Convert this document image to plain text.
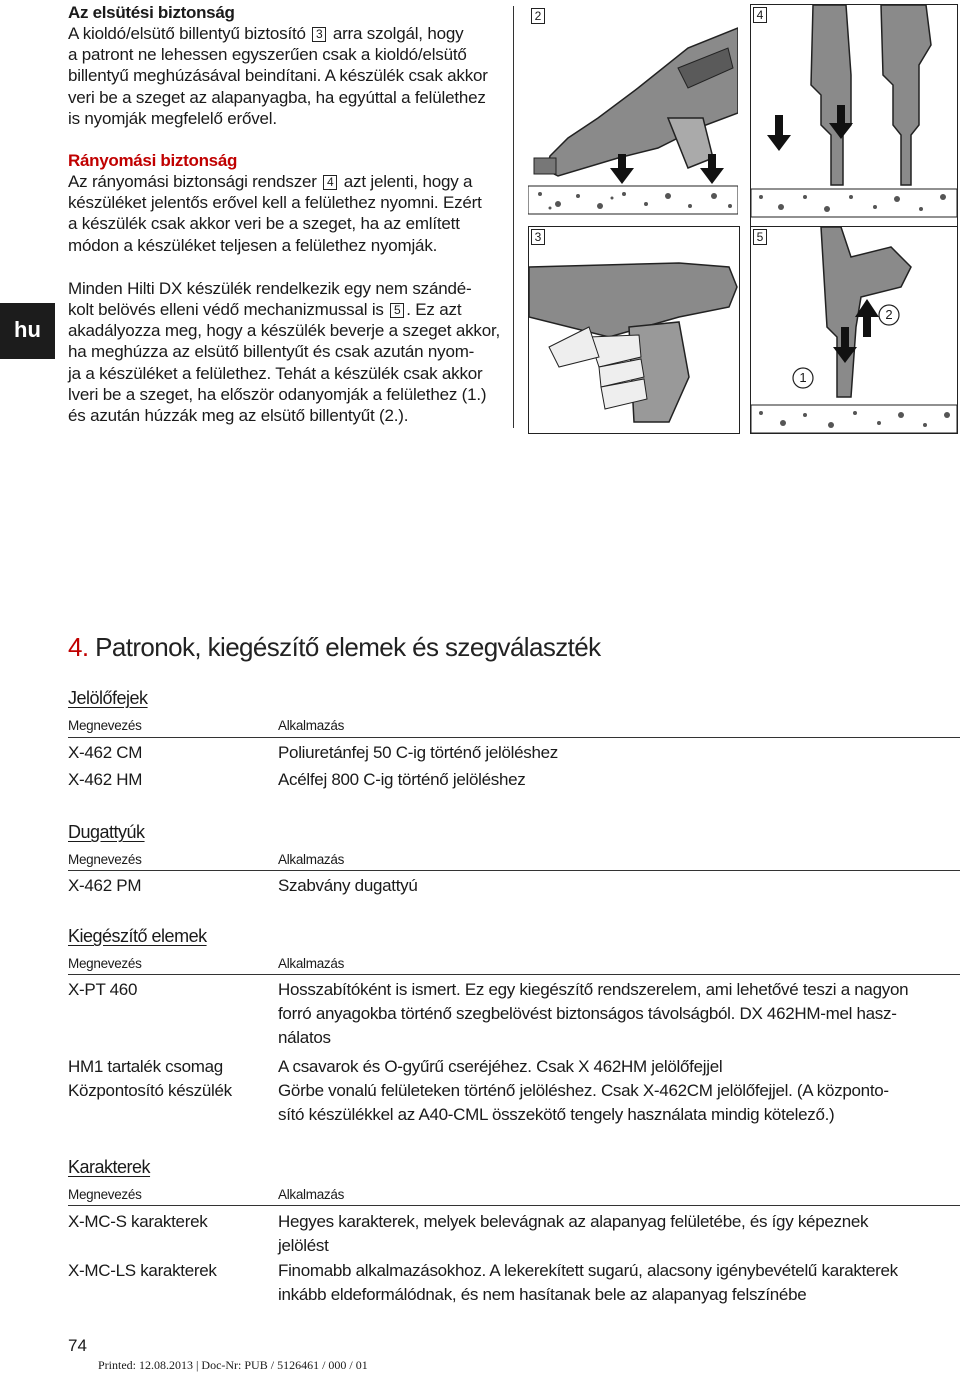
hu
Az elsütési biztonság
A kioldó/elsütő billentyű biztosító 3 arra szolgál, hogy
a patront ne lehessen egyszerűen csak a kioldó/elsütő
billentyű meghúzásával beindítani. A készülék csak akkor
veri be a szeget az alapanyagba, ha egyúttal a felülethez
is nyomják megfelelő erővel.
Rányomási biztonság
Az rányomási biztonsági rendszer 4 azt jelenti, hogy a
készüléket jelentős erővel kell a felülethez nyomni. Ezért
a készülék csak akkor veri be a szeget, ha az említett
módon a készüléket teljesen a felülethez nyomják.
Minden Hilti DX készülék rendelkezik egy nem szándé-
kolt belövés elleni védő mechanizmussal is 5 . Ez azt
akadályozza meg, hogy a készülék beverje a szeget akkor,
ha meghúzza az elsütő billentyűt és csak azután nyom-
ja a készüléket a felülethez. Tehát a készülék csak akkor
lveri be a szeget, ha először odanyomják a felülethez (1.)
és azután húzzák meg az elsütő billentyűt (2.).
2	4
3	5
1
2
4. Patronok, kiegészítő elemek és szegválaszték
Jelölőfejek
Megnevezés	Alkalmazás
X-462 CM	Poliuretánfej 50 C-ig történő jelöléshez
X-462 HM	Acélfej 800 C-ig történő jelöléshez
Dugattyúk
Megnevezés	Alkalmazás
X-462 PM	Szabvány dugattyú
Kiegészítő elemek
Megnevezés	Alkalmazás
X-PT 460	Hosszabítóként is ismert. Ez egy kiegészítő rendszerelem, ami lehetővé teszi a nagyon
forró anyagokba történő szegbelövést biztonságos távolságból. DX 462HM-mel hasz-
nálatos
HM1 tartalék csomag	A csavarok és O-gyűrű cseréjéhez. Csak X 462HM jelölőfejjel
Központosító készülék	Görbe vonalú felületeken történő jelöléshez. Csak X-462CM jelölőfejjel. (A központo-
sító készülékkel az A40-CML összekötő tengely használata mindig kötelező.)
Karakterek
Megnevezés	Alkalmazás
X-MC-S karakterek	Hegyes karakterek, melyek belevágnak az alapanyag felületébe, és így képeznek
jelölést
X-MC-LS karakterek	Finomabb alkalmazásokhoz. A lekerekített sugarú, alacsony igénybevételű karakterek
inkább eldeformálódnak, és nem hasítanak bele az alapanyag felszínébe
74
Printed: 12.08.2013 | Doc-Nr: PUB / 5126461 / 000 / 01
